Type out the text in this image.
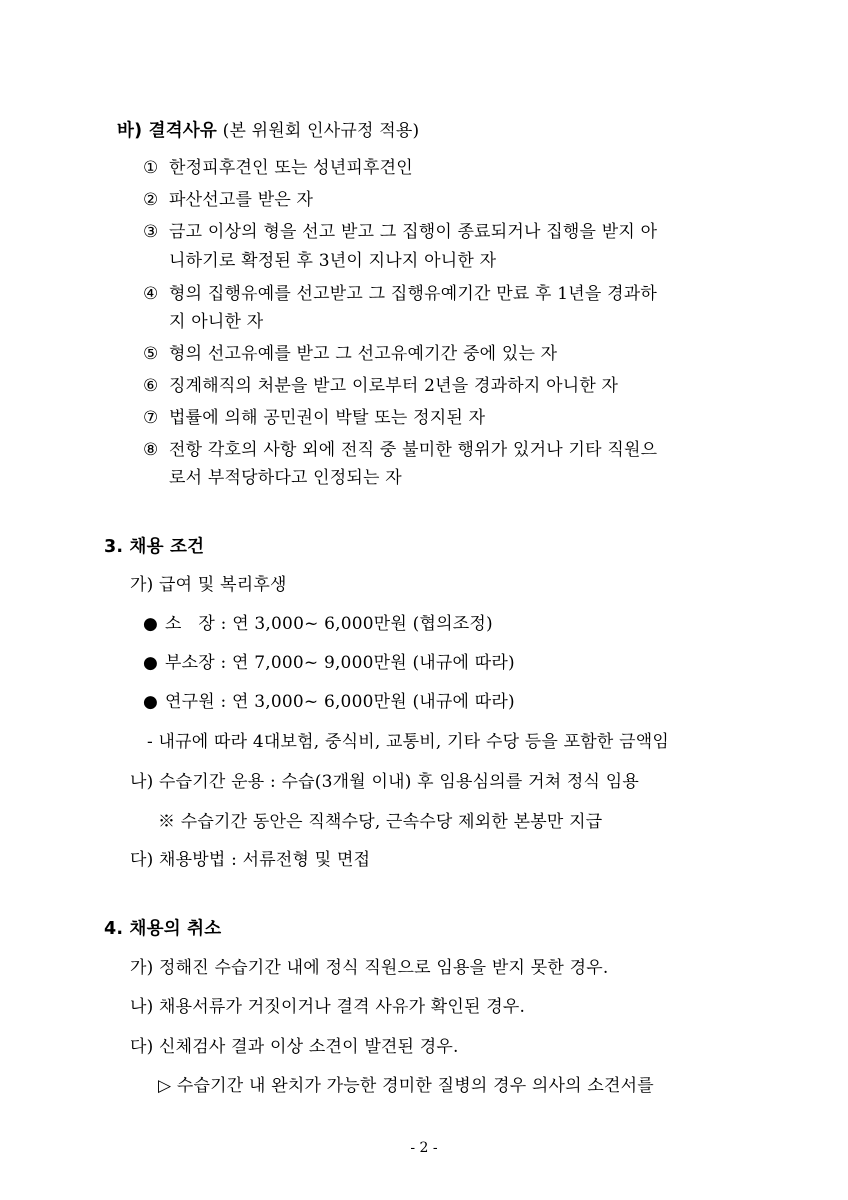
바) 결격사유 (본 위원회 인사규정 적용)
① 한정피후견인 또는 성년피후견인
② 파산선고를 받은 자
③ 금고 이상의 형을 선고 받고 그 집행이 종료되거나 집행을 받지 아
니하기로 확정된 후 3년이 지나지 아니한 자
④ 형의 집행유예를 선고받고 그 집행유예기간 만료 후 1년을 경과하
지 아니한 자
⑤ 형의 선고유예를 받고 그 선고유예기간 중에 있는 자
⑥ 징계해직의 처분을 받고 이로부터 2년을 경과하지 아니한 자
⑦ 법률에 의해 공민권이 박탈 또는 정지된 자
⑧ 전항 각호의 사항 외에 전직 중 불미한 행위가 있거나 기타 직원으
로서 부적당하다고 인정되는 자
3. 채용 조건
가) 급여 및 복리후생
● 소   장 : 연 3,000~ 6,000만원 (협의조정)
● 부소장 : 연 7,000~ 9,000만원 (내규에 따라)
● 연구원 : 연 3,000~ 6,000만원 (내규에 따라)
- 내규에 따라 4대보험, 중식비, 교통비, 기타 수당 등을 포함한 금액임
나) 수습기간 운용 : 수습(3개월 이내) 후 임용심의를 거쳐 정식 임용
※ 수습기간 동안은 직책수당, 근속수당 제외한 본봉만 지급
다) 채용방법 : 서류전형 및 면접
4. 채용의 취소
가) 정해진 수습기간 내에 정식 직원으로 임용을 받지 못한 경우.
나) 채용서류가 거짓이거나 결격 사유가 확인된 경우.
다) 신체검사 결과 이상 소견이 발견된 경우.
▷ 수습기간 내 완치가 가능한 경미한 질병의 경우 의사의 소견서를
- 2 -
